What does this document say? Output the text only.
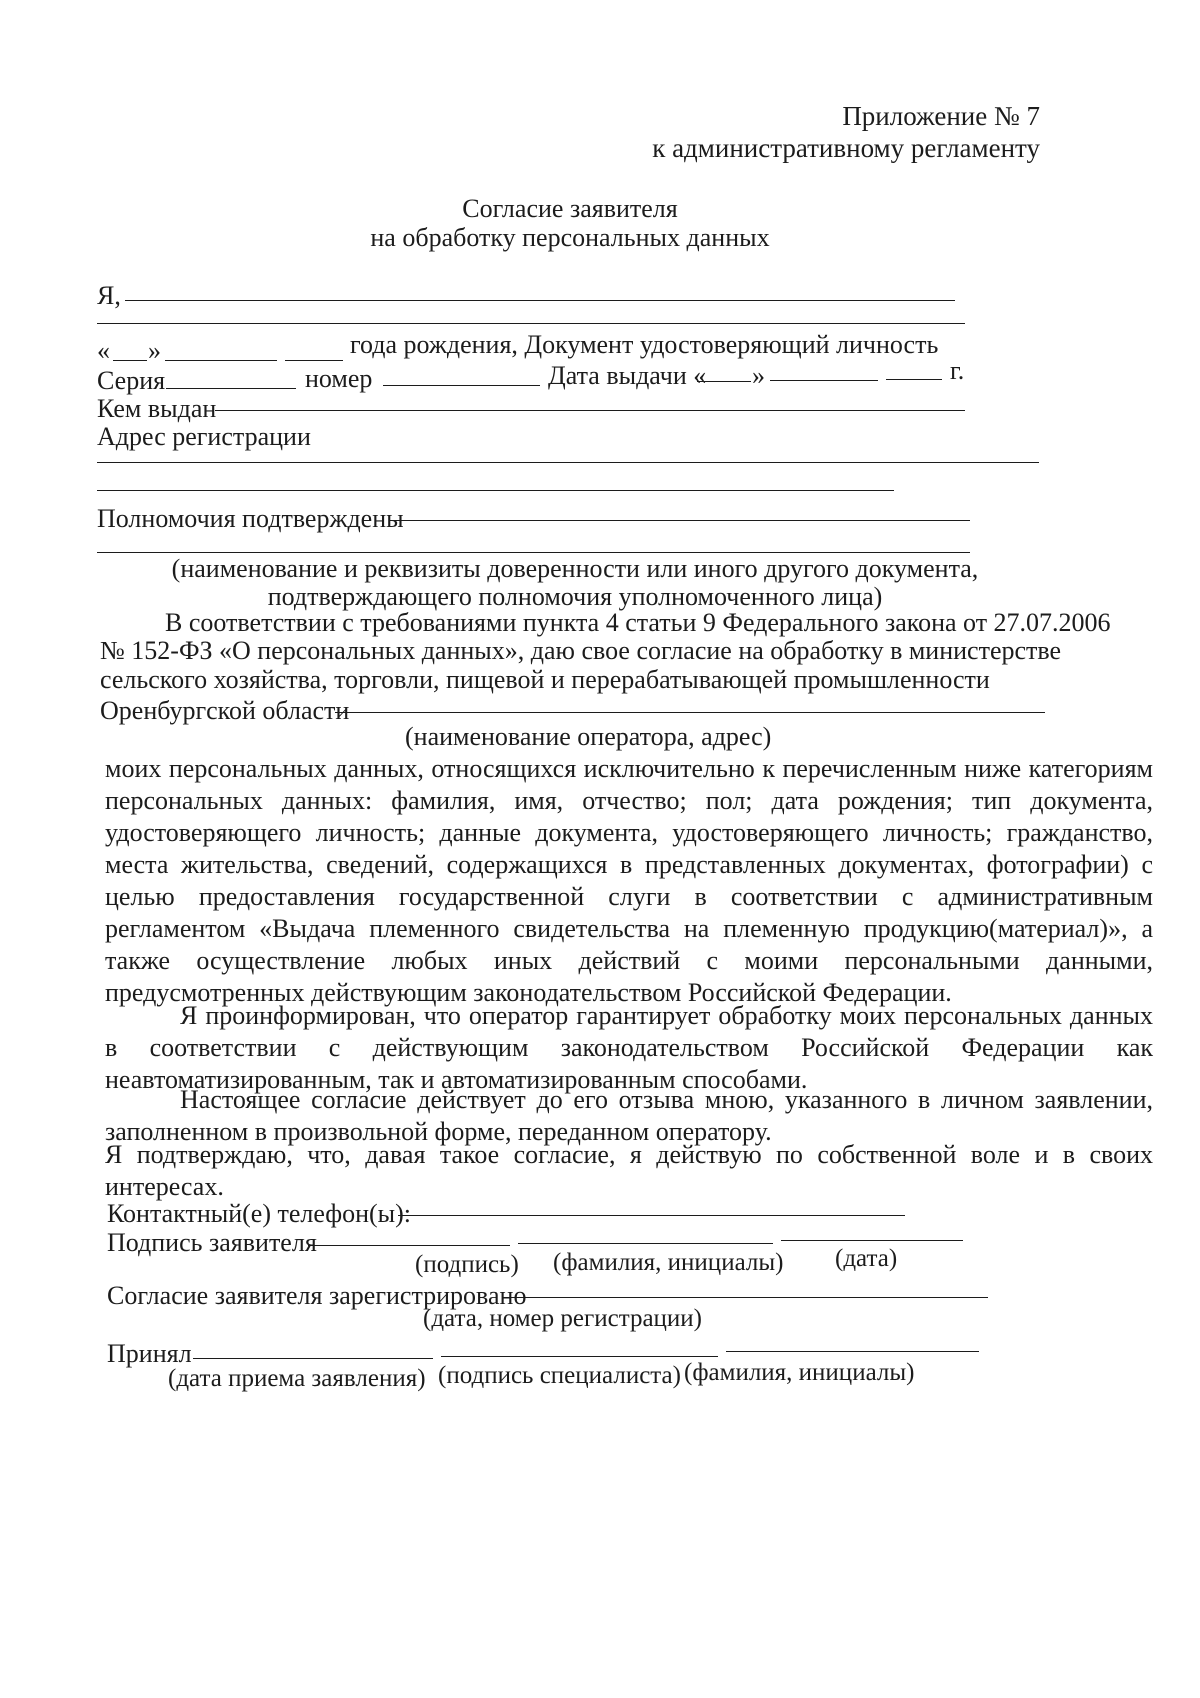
Приложение № 7
к административному регламенту
Согласие заявителя
на обработку персональных данных
Я,
« »	года рождения, Документ удостоверяющий личность
Серия	номер	Дата выдачи « »	г.
Кем выдан
Адрес регистрации
Полномочия подтверждены
(наименование и реквизиты доверенности или иного другого документа,
подтверждающего полномочия уполномоченного лица)
В соответствии с требованиями пункта 4 статьи 9 Федерального закона от 27.07.2006
№ 152-ФЗ «О персональных данных», даю свое согласие на обработку в министерстве
сельского хозяйства, торговли, пищевой и перерабатывающей промышленности
Оренбургской области
(наименование оператора, адрес)
моих персональных данных, относящихся исключительно к перечисленным ниже категориям персональных данных: фамилия, имя, отчество; пол; дата рождения; тип документа, удостоверяющего личность; данные документа, удостоверяющего личность; гражданство, места жительства, сведений, содержащихся в представленных документах, фотографии) с целью предоставления государственной слуги в соответствии с административным регламентом «Выдача племенного свидетельства на племенную продукцию(материал)», а также осуществление любых иных действий с моими персональными данными, предусмотренных действующим законодательством Российской Федерации.
Я проинформирован, что оператор гарантирует обработку моих персональных данных в соответствии с действующим законодательством Российской Федерации как неавтоматизированным, так и автоматизированным способами.
Настоящее согласие действует до его отзыва мною, указанного в личном заявлении, заполненном в произвольной форме, переданном оператору.
Я подтверждаю, что, давая такое согласие, я действую по собственной воле и в своих интересах.
Контактный(е) телефон(ы):
Подпись заявителя
(подпись) (фамилия, инициалы) (дата)
Согласие заявителя зарегистрировано
(дата, номер регистрации)
Принял
(дата приема заявления) (подпись специалиста) (фамилия, инициалы)
